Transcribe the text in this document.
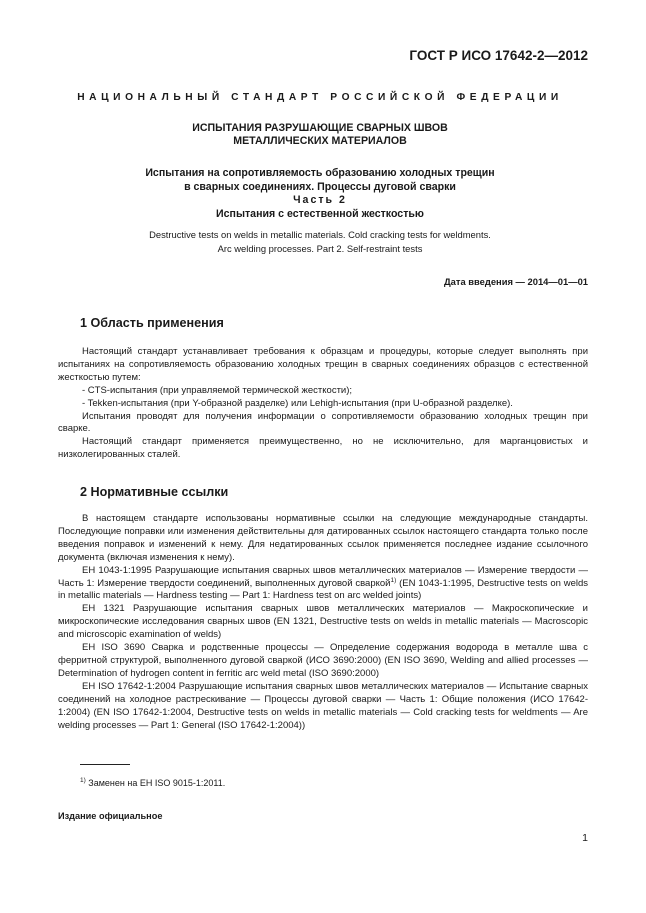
ГОСТ Р ИСО 17642-2—2012
НАЦИОНАЛЬНЫЙ СТАНДАРТ РОССИЙСКОЙ ФЕДЕРАЦИИ
ИСПЫТАНИЯ РАЗРУШАЮЩИЕ СВАРНЫХ ШВОВ
МЕТАЛЛИЧЕСКИХ МАТЕРИАЛОВ
Испытания на сопротивляемость образованию холодных трещин
в сварных соединениях. Процессы дуговой сварки
Часть 2
Испытания с естественной жесткостью
Destructive tests on welds in metallic materials. Cold cracking tests for weldments.
Arc welding processes. Part 2. Self-restraint tests
Дата введения — 2014—01—01
1 Область применения

Настоящий стандарт устанавливает требования к образцам и процедуры, которые следует выполнять при испытаниях на сопротивляемость образованию холодных трещин в сварных соединениях образцов с естественной жесткостью путем:

- CTS-испытания (при управляемой термической жесткости);

- Tekken-испытания (при Y-образной разделке) или Lehigh-испытания (при U-образной разделке).

Испытания проводят для получения информации о сопротивляемости образованию холодных трещин при сварке.

Настоящий стандарт применяется преимущественно, но не исключительно, для марганцовистых и низколегированных сталей.

2 Нормативные ссылки

В настоящем стандарте использованы нормативные ссылки на следующие международные стандарты. Последующие поправки или изменения действительны для датированных ссылок настоящего стандарта только после введения поправок и изменений к нему. Для недатированных ссылок применяется последнее издание ссылочного документа (включая изменения к нему).

EH 1043-1:1995 Разрушающие испытания сварных швов металлических материалов — Измерение твердости — Часть 1: Измерение твердости соединений, выполненных дуговой сваркой$^{1)}$ (EN 1043-1:1995, Destructive tests on welds in metallic materials — Hardness testing — Part 1: Hardness test on arc welded joints)

EH 1321 Разрушающие испытания сварных швов металлических материалов — Макроскопические и микроскопические исследования сварных швов (EN 1321, Destructive tests on welds in metallic materials — Macroscopic and microscopic examination of welds)

EH ISO 3690 Сварка и родственные процессы — Определение содержания водорода в металле шва с ферритной структурой, выполненного дуговой сваркой (ИСО 3690:2000) (EN ISO 3690, Welding and allied processes — Determination of hydrogen content in ferritic arc weld metal (ISO 3690:2000)

EH ISO 17642-1:2004 Разрушающие испытания сварных швов металлических материалов — Испытание сварных соединений на холодное растрескивание — Процессы дуговой сварки — Часть 1: Общие положения (ИСО 17642-1:2004) (EN ISO 17642-1:2004, Destructive tests on welds in metallic materials — Cold cracking tests for weldments — Are welding processes — Part 1: General (ISO 17642-1:2004))

$^{1)}$ Заменен на EH ISO 9015-1:2011.
Издание официальное
1
